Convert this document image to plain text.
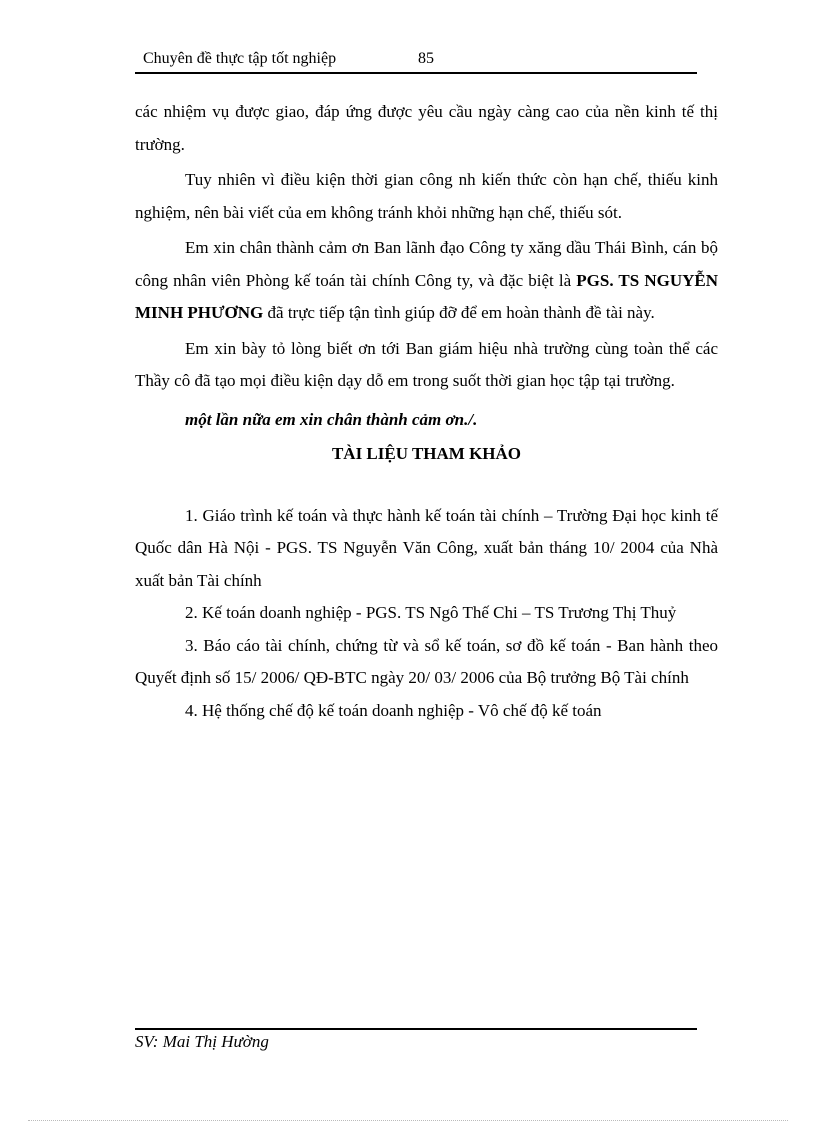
Chuyên đề thực tập tốt nghiệp	85

các nhiệm vụ được giao, đáp ứng được yêu cầu ngày càng cao của nền kinh tế thị trường.

Tuy nhiên vì điều kiện thời gian công nh kiến thức còn hạn chế, thiếu kinh nghiệm, nên bài viết của em không tránh khỏi những hạn chế, thiếu sót.

Em xin chân thành cảm ơn Ban lãnh đạo Công ty xăng dầu Thái Bình, cán bộ công nhân viên Phòng kế toán tài chính Công ty, và đặc biệt là PGS. TS NGUYỄN MINH PHƯƠNG đã trực tiếp tận tình giúp đỡ để em hoàn thành đề tài này.

Em xin bày tỏ lòng biết ơn tới Ban giám hiệu nhà trường cùng toàn thể các Thầy cô đã tạo mọi điều kiện dạy dỗ em trong suốt thời gian học tập tại trường.

một lần nữa em xin chân thành cảm ơn./.

TÀI LIỆU THAM KHẢO

1. Giáo trình kế toán và thực hành kế toán tài chính – Trường Đại học kinh tế Quốc dân Hà Nội - PGS. TS Nguyễn Văn Công, xuất bản tháng 10/ 2004 của Nhà xuất bản Tài chính

2. Kế toán doanh nghiệp - PGS. TS Ngô Thế Chi – TS Trương Thị Thuỷ

3. Báo cáo tài chính, chứng từ và sổ kế toán, sơ đồ kế toán - Ban hành theo Quyết định số 15/ 2006/ QĐ-BTC ngày 20/ 03/ 2006 của Bộ trưởng Bộ Tài chính

4. Hệ thống chế độ kế toán doanh nghiệp - Vô chế độ kế toán

SV: Mai Thị Hường
